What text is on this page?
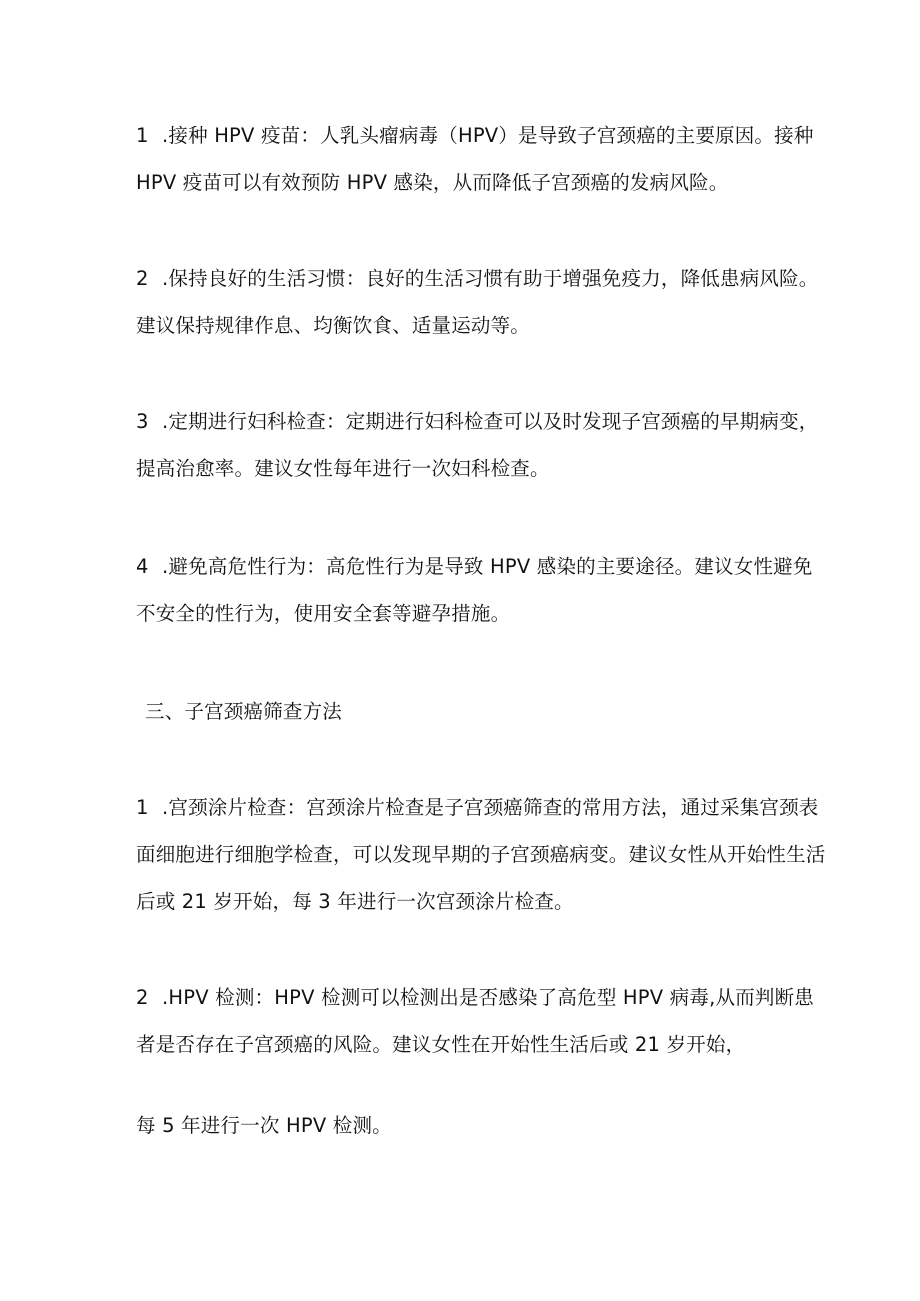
1 .接种 HPV 疫苗：人乳头瘤病毒（HPV）是导致子宫颈癌的主要原因。接种
HPV 疫苗可以有效预防 HPV 感染，从而降低子宫颈癌的发病风险。
2 .保持良好的生活习惯：良好的生活习惯有助于增强免疫力，降低患病风险。
建议保持规律作息、均衡饮食、适量运动等。
3 .定期进行妇科检查：定期进行妇科检查可以及时发现子宫颈癌的早期病变，
提高治愈率。建议女性每年进行一次妇科检查。
4 .避免高危性行为：高危性行为是导致 HPV 感染的主要途径。建议女性避免
不安全的性行为，使用安全套等避孕措施。
三、子宫颈癌筛查方法
1 .宫颈涂片检查：宫颈涂片检查是子宫颈癌筛查的常用方法，通过采集宫颈表
面细胞进行细胞学检查，可以发现早期的子宫颈癌病变。建议女性从开始性生活
后或 21 岁开始，每 3 年进行一次宫颈涂片检查。
2 .HPV 检测：HPV 检测可以检测出是否感染了高危型 HPV 病毒,从而判断患
者是否存在子宫颈癌的风险。建议女性在开始性生活后或 21 岁开始，
每 5 年进行一次 HPV 检测。
